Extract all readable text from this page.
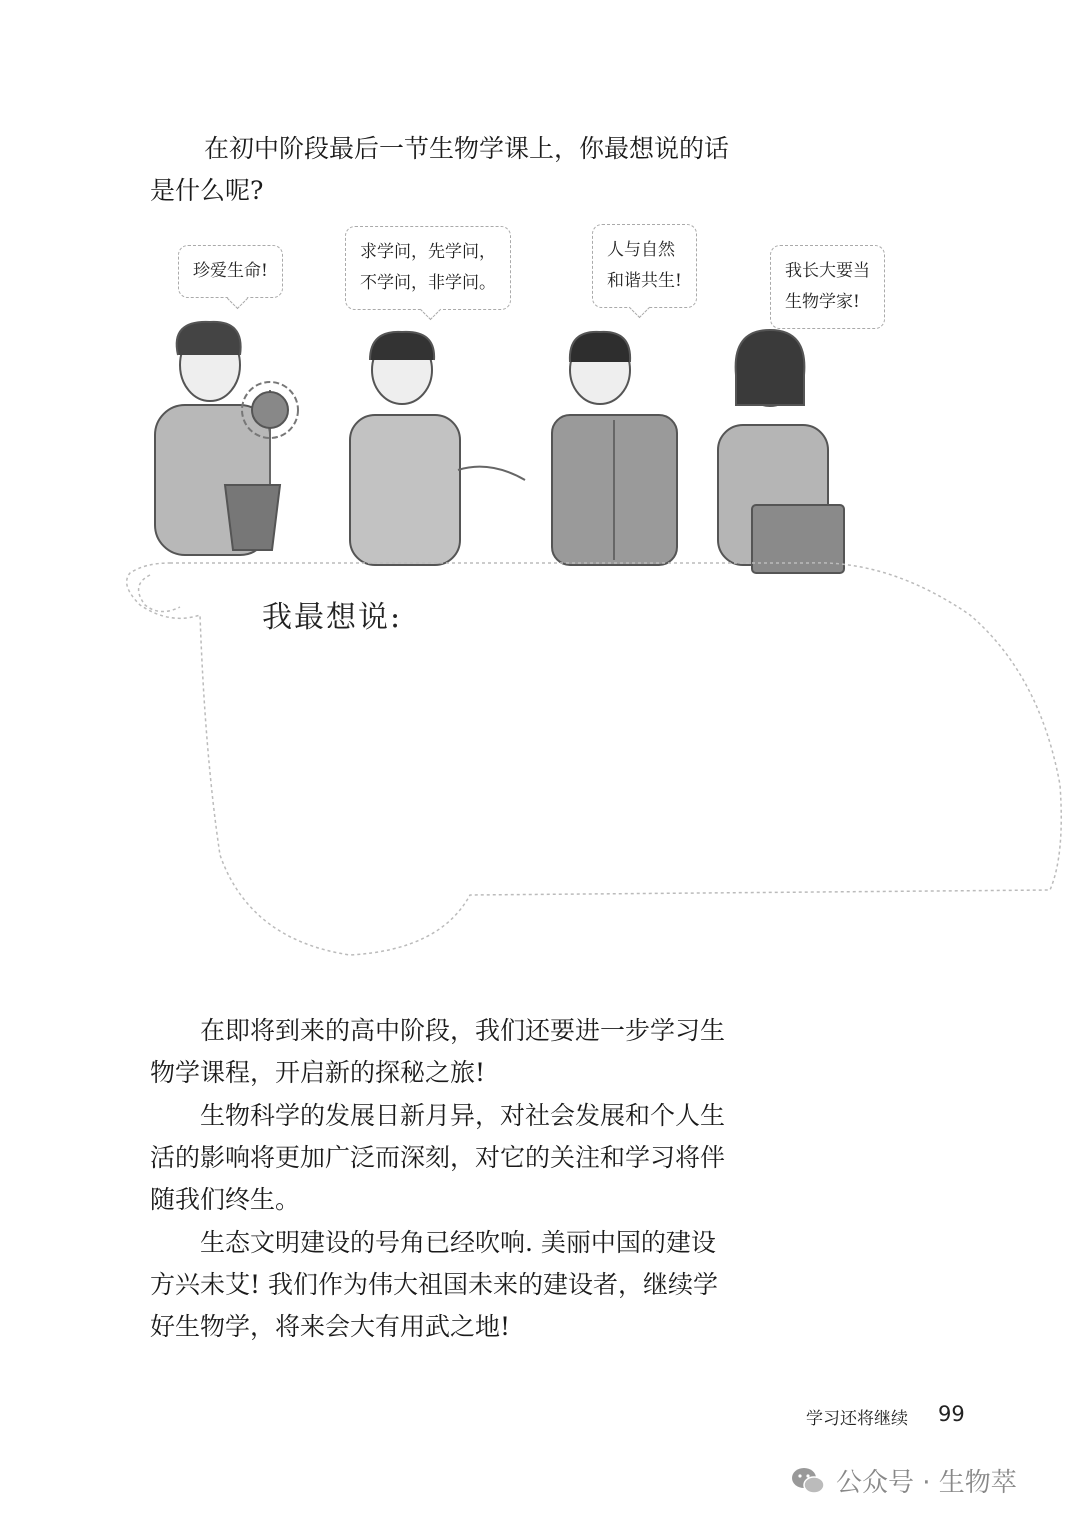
在初中阶段最后一节生物学课上，你最想说的话
是什么呢?

珍爱生命!
求学问，先学问，
不学问，非学问。
人与自然
和谐共生!	我长大要当
生物学家!
我最想说:

在即将到来的高中阶段，我们还要进一步学习生
物学课程，开启新的探秘之旅!

生物科学的发展日新月异，对社会发展和个人生
活的影响将更加广泛而深刻，对它的关注和学习将伴
随我们终生。

生态文明建设的号角已经吹响. 美丽中国的建设
方兴未艾! 我们作为伟大祖国未来的建设者，继续学
好生物学，将来会大有用武之地!

学习还将继续 99
公众号 · 生物萃
